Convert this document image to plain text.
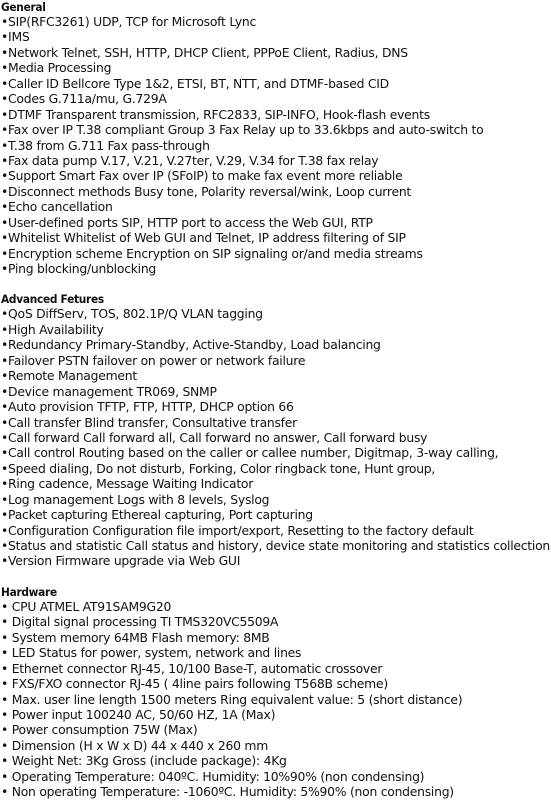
General
•SIP(RFC3261) UDP, TCP for Microsoft Lync
•IMS
•Network Telnet, SSH, HTTP, DHCP Client, PPPoE Client, Radius, DNS
•Media Processing
•Caller ID Bellcore Type 1&2, ETSI, BT, NTT, and DTMF-based CID
•Codes G.711a/mu, G.729A
•DTMF Transparent transmission, RFC2833, SIP-INFO, Hook-flash events
•Fax over IP T.38 compliant Group 3 Fax Relay up to 33.6kbps and auto-switch to
•T.38 from G.711 Fax pass-through
•Fax data pump V.17, V.21, V.27ter, V.29, V.34 for T.38 fax relay
•Support Smart Fax over IP (SFoIP) to make fax event more reliable
•Disconnect methods Busy tone, Polarity reversal/wink, Loop current
•Echo cancellation
•User-defined ports SIP, HTTP port to access the Web GUI, RTP
•Whitelist Whitelist of Web GUI and Telnet, IP address filtering of SIP
•Encryption scheme Encryption on SIP signaling or/and media streams
•Ping blocking/unblocking
Advanced Fetures
•QoS DiffServ, TOS, 802.1P/Q VLAN tagging
•High Availability
•Redundancy Primary-Standby, Active-Standby, Load balancing
•Failover PSTN failover on power or network failure
•Remote Management
•Device management TR069, SNMP
•Auto provision TFTP, FTP, HTTP, DHCP option 66
•Call transfer Blind transfer, Consultative transfer
•Call forward Call forward all, Call forward no answer, Call forward busy
•Call control Routing based on the caller or callee number, Digitmap, 3-way calling,
•Speed dialing, Do not disturb, Forking, Color ringback tone, Hunt group,
•Ring cadence, Message Waiting Indicator
•Log management Logs with 8 levels, Syslog
•Packet capturing Ethereal capturing, Port capturing
•Configuration Configuration file import/export, Resetting to the factory default
•Status and statistic Call status and history, device state monitoring and statistics collection
•Version Firmware upgrade via Web GUI
Hardware
• CPU ATMEL AT91SAM9G20
• Digital signal processing TI TMS320VC5509A
• System memory 64MB Flash memory: 8MB
• LED Status for power, system, network and lines
• Ethernet connector RJ-45, 10/100 Base-T, automatic crossover
• FXS/FXO connector RJ-45 ( 4line pairs following T568B scheme)
• Max. user line length 1500 meters Ring equivalent value: 5 (short distance)
• Power input 100240 AC, 50/60 HZ, 1A (Max)
• Power consumption 75W (Max)
• Dimension (H x W x D) 44 x 440 x 260 mm
• Weight Net: 3Kg Gross (include package): 4Kg
• Operating Temperature: 040ºC. Humidity: 10%90% (non condensing)
• Non operating Temperature: -1060ºC. Humidity: 5%90% (non condensing)
